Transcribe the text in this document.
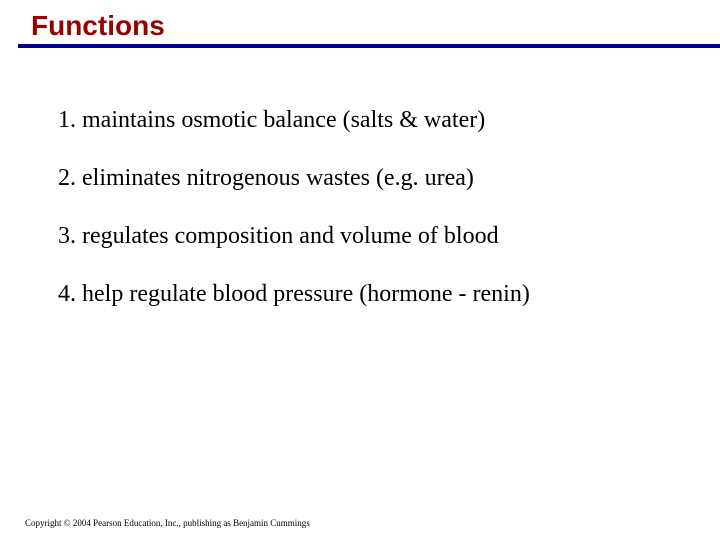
Functions
1. maintains osmotic balance (salts & water)
2. eliminates nitrogenous wastes (e.g. urea)
3. regulates composition and volume of blood
4. help regulate blood pressure (hormone - renin)
Copyright © 2004 Pearson Education, Inc., publishing as Benjamin Cummings
